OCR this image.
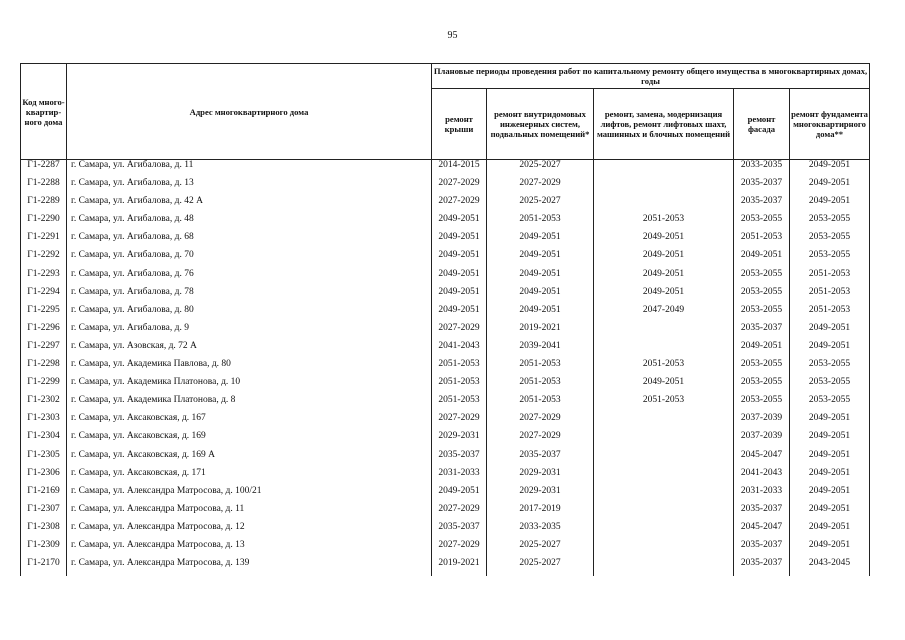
95
Код много-квартир-ного дома	Адрес многоквартирного дома	Плановые периоды проведения работ по капитальному ремонту общего имущества в многоквартирных домах, годы				
		ремонт крыши	ремонт внутридомовых инженерных систем, подвальных помещений*	ремонт, замена, модернизация лифтов, ремонт лифтовых шахт, машинных и блочных помещений	ремонт фасада	ремонт фундамента многоквартирного дома**
Г1-2287	г. Самара, ул. Агибалова, д. 11	2014-2015	2025-2027		2033-2035	2049-2051
Г1-2288	г. Самара, ул. Агибалова, д. 13	2027-2029	2027-2029		2035-2037	2049-2051
Г1-2289	г. Самара, ул. Агибалова, д. 42 А	2027-2029	2025-2027		2035-2037	2049-2051
Г1-2290	г. Самара, ул. Агибалова, д. 48	2049-2051	2051-2053	2051-2053	2053-2055	2053-2055
Г1-2291	г. Самара, ул. Агибалова, д. 68	2049-2051	2049-2051	2049-2051	2051-2053	2053-2055
Г1-2292	г. Самара, ул. Агибалова, д. 70	2049-2051	2049-2051	2049-2051	2049-2051	2053-2055
Г1-2293	г. Самара, ул. Агибалова, д. 76	2049-2051	2049-2051	2049-2051	2053-2055	2051-2053
Г1-2294	г. Самара, ул. Агибалова, д. 78	2049-2051	2049-2051	2049-2051	2053-2055	2051-2053
Г1-2295	г. Самара, ул. Агибалова, д. 80	2049-2051	2049-2051	2047-2049	2053-2055	2051-2053
Г1-2296	г. Самара, ул. Агибалова, д. 9	2027-2029	2019-2021		2035-2037	2049-2051
Г1-2297	г. Самара, ул. Азовская, д. 72 А	2041-2043	2039-2041		2049-2051	2049-2051
Г1-2298	г. Самара, ул. Академика Павлова, д. 80	2051-2053	2051-2053	2051-2053	2053-2055	2053-2055
Г1-2299	г. Самара, ул. Академика Платонова, д. 10	2051-2053	2051-2053	2049-2051	2053-2055	2053-2055
Г1-2302	г. Самара, ул. Академика Платонова, д. 8	2051-2053	2051-2053	2051-2053	2053-2055	2053-2055
Г1-2303	г. Самара, ул. Аксаковская, д. 167	2027-2029	2027-2029		2037-2039	2049-2051
Г1-2304	г. Самара, ул. Аксаковская, д. 169	2029-2031	2027-2029		2037-2039	2049-2051
Г1-2305	г. Самара, ул. Аксаковская, д. 169 А	2035-2037	2035-2037		2045-2047	2049-2051
Г1-2306	г. Самара, ул. Аксаковская, д. 171	2031-2033	2029-2031		2041-2043	2049-2051
Г1-2169	г. Самара, ул. Александра Матросова, д. 100/21	2049-2051	2029-2031		2031-2033	2049-2051
Г1-2307	г. Самара, ул. Александра Матросова, д. 11	2027-2029	2017-2019		2035-2037	2049-2051
Г1-2308	г. Самара, ул. Александра Матросова, д. 12	2035-2037	2033-2035		2045-2047	2049-2051
Г1-2309	г. Самара, ул. Александра Матросова, д. 13	2027-2029	2025-2027		2035-2037	2049-2051
Г1-2170	г. Самара, ул. Александра Матросова, д. 139	2019-2021	2025-2027		2035-2037	2043-2045
